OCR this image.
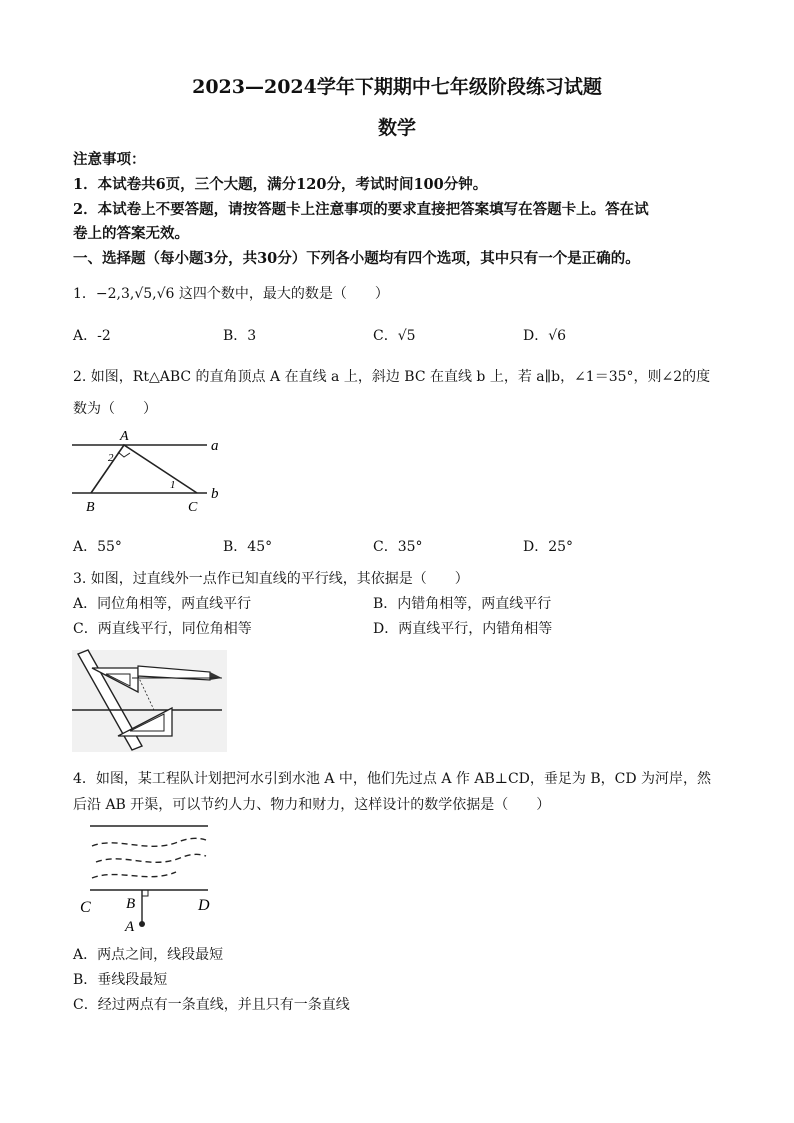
2023—2024学年下期期中七年级阶段练习试题
数学
注意事项：
1．本试卷共6页，三个大题，满分120分，考试时间100分钟。
2．本试卷上不要答题，请按答题卡上注意事项的要求直接把答案填写在答题卡上。答在试
卷上的答案无效。
一、选择题（每小题3分，共30分）下列各小题均有四个选项，其中只有一个是正确的。
1．−2,3,√5,√6 这四个数中，最大的数是（　　）
A．-2	B．3	C．√5	D．√6
2. 如图，Rt△ABC 的直角顶点 A 在直线 a 上，斜边 BC 在直线 b 上，若 a∥b，∠1＝35°，则∠2的度
数为（　　）
A
B	C
a
b
2
1
A．55°	B．45°	C．35°	D．25°
3. 如图，过直线外一点作已知直线的平行线，其依据是（　　）
A．同位角相等，两直线平行	B．内错角相等，两直线平行
C．两直线平行，同位角相等	D．两直线平行，内错角相等
4．如图，某工程队计划把河水引到水池 A 中，他们先过点 A 作 AB⊥CD，垂足为 B，CD 为河岸，然
后沿 AB 开渠，可以节约人力、物力和财力，这样设计的数学依据是（　　）
C	D
B
A
A．两点之间，线段最短
B．垂线段最短
C．经过两点有一条直线，并且只有一条直线
